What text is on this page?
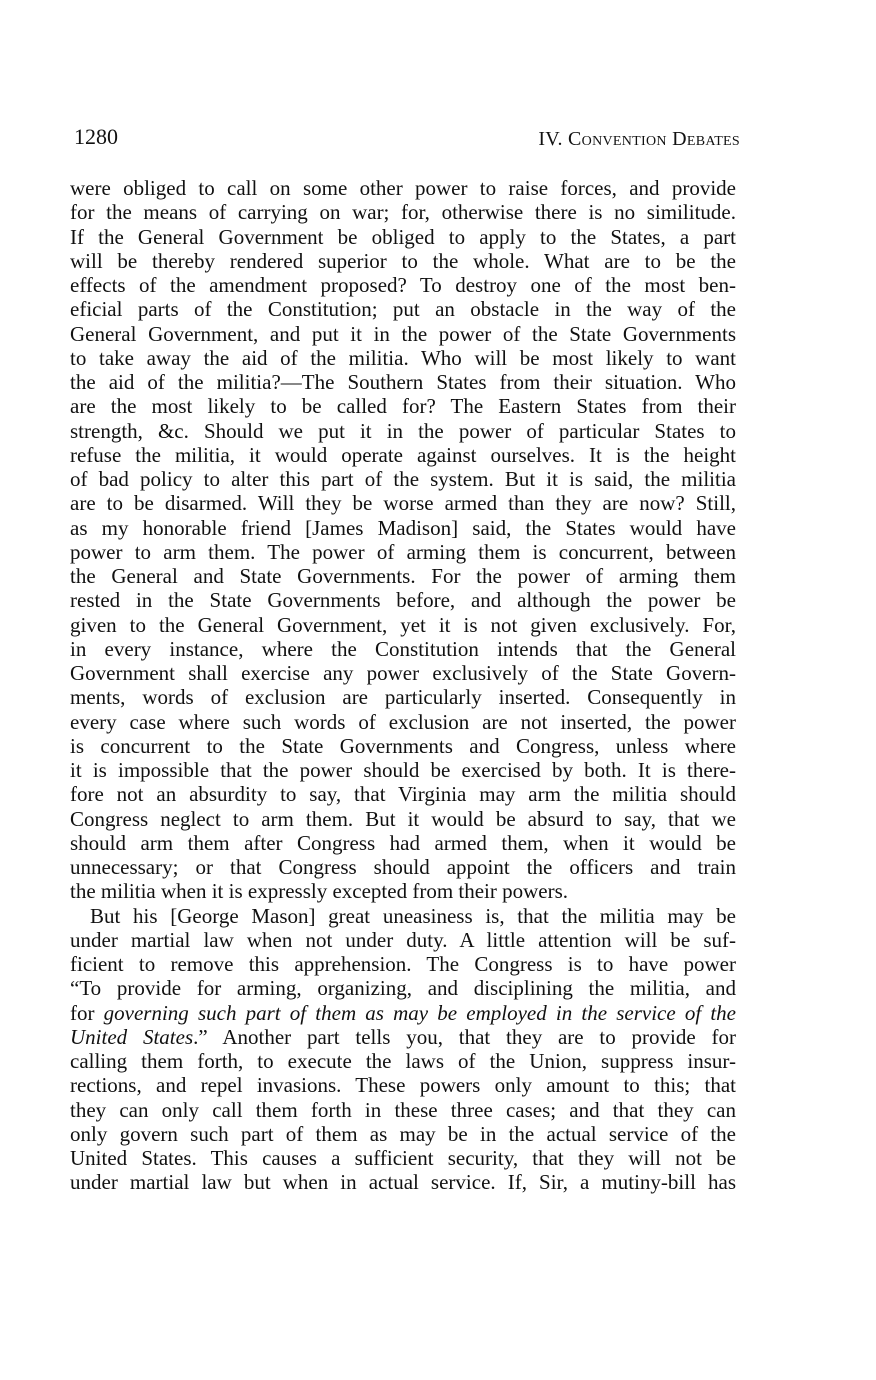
1280	IV. Convention Debates
were obliged to call on some other power to raise forces, and provide
for the means of carrying on war; for, otherwise there is no similitude.
If the General Government be obliged to apply to the States, a part
will be thereby rendered superior to the whole. What are to be the
effects of the amendment proposed? To destroy one of the most ben-
eficial parts of the Constitution; put an obstacle in the way of the
General Government, and put it in the power of the State Governments
to take away the aid of the militia. Who will be most likely to want
the aid of the militia?—The Southern States from their situation. Who
are the most likely to be called for? The Eastern States from their
strength, &c. Should we put it in the power of particular States to
refuse the militia, it would operate against ourselves. It is the height
of bad policy to alter this part of the system. But it is said, the militia
are to be disarmed. Will they be worse armed than they are now? Still,
as my honorable friend [James Madison] said, the States would have
power to arm them. The power of arming them is concurrent, between
the General and State Governments. For the power of arming them
rested in the State Governments before, and although the power be
given to the General Government, yet it is not given exclusively. For,
in every instance, where the Constitution intends that the General
Government shall exercise any power exclusively of the State Govern-
ments, words of exclusion are particularly inserted. Consequently in
every case where such words of exclusion are not inserted, the power
is concurrent to the State Governments and Congress, unless where
it is impossible that the power should be exercised by both. It is there-
fore not an absurdity to say, that Virginia may arm the militia should
Congress neglect to arm them. But it would be absurd to say, that we
should arm them after Congress had armed them, when it would be
unnecessary; or that Congress should appoint the officers and train
the militia when it is expressly excepted from their powers.
But his [George Mason] great uneasiness is, that the militia may be
under martial law when not under duty. A little attention will be suf-
ficient to remove this apprehension. The Congress is to have power
“To provide for arming, organizing, and disciplining the militia, and
for governing such part of them as may be employed in the service of the
United States.” Another part tells you, that they are to provide for
calling them forth, to execute the laws of the Union, suppress insur-
rections, and repel invasions. These powers only amount to this; that
they can only call them forth in these three cases; and that they can
only govern such part of them as may be in the actual service of the
United States. This causes a sufficient security, that they will not be
under martial law but when in actual service. If, Sir, a mutiny-bill has
